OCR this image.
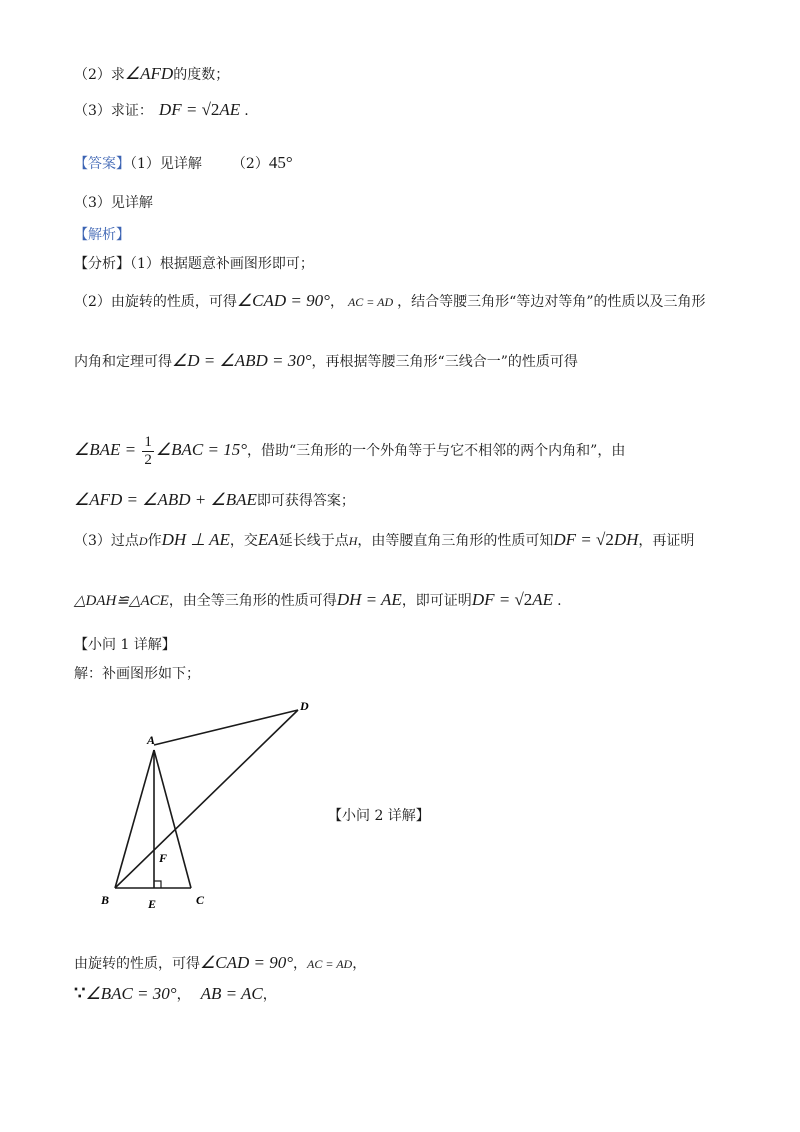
（2）求∠AFD的度数；
（3）求证： DF = √2AE .
【答案】（1）见详解 （2）45°
（3）见详解
【解析】
【分析】（1）根据题意补画图形即可；
（2）由旋转的性质，可得∠CAD = 90°， AC = AD ，结合等腰三角形“等边对等角”的性质以及三角形
内角和定理可得∠D = ∠ABD = 30°，再根据等腰三角形“三线合一”的性质可得
∠BAE = $\frac{1}{2}$ ∠BAC = 15°，借助“三角形的一个外角等于与它不相邻的两个内角和”，由
∠AFD = ∠ABD + ∠BAE即可获得答案；
（3）过点D作DH ⊥ AE，交EA延长线于点H，由等腰直角三角形的性质可知DF = √2DH，再证明
△DAH≌△ACE，由全等三角形的性质可得DH = AE，即可证明DF = √2AE .
【小问 1 详解】
解：补画图形如下；
A
D
B	E	C
F
【小问 2 详解】
由旋转的性质，可得∠CAD = 90°，AC = AD，
∵∠BAC = 30°， AB = AC，
